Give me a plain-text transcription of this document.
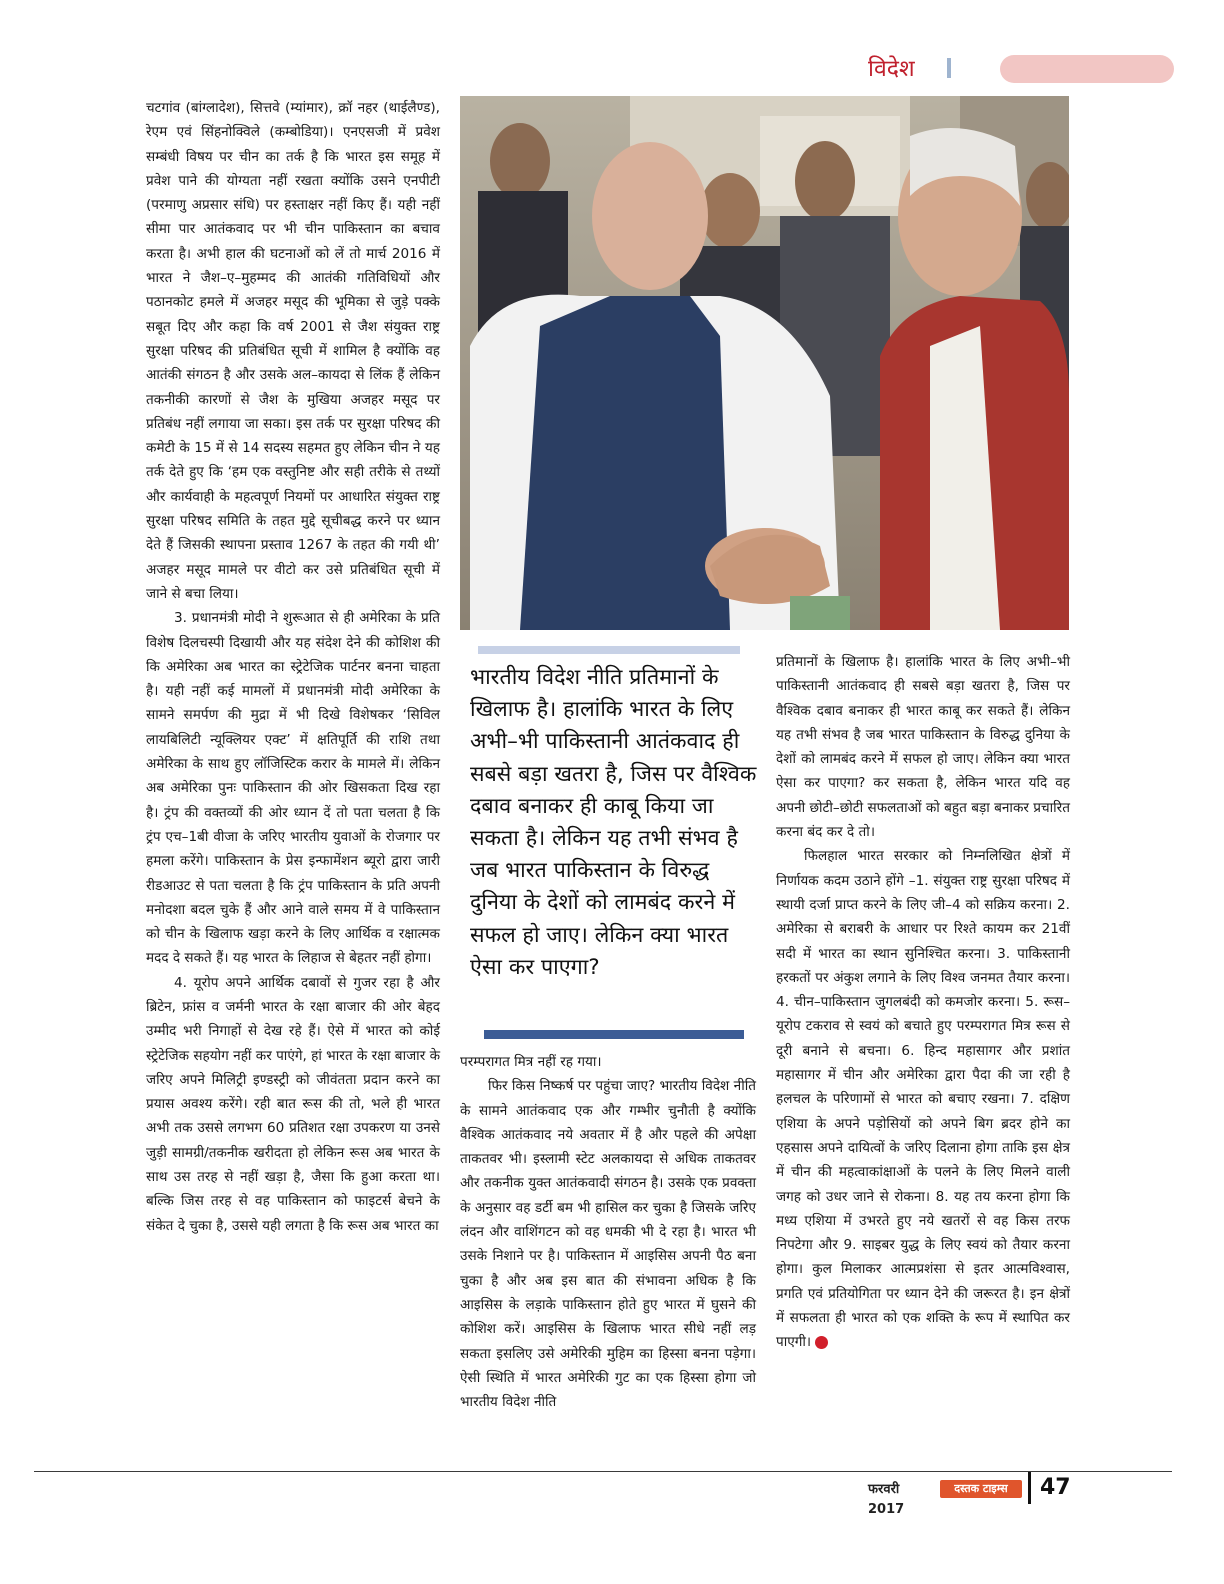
विदेश

चटगांव (बांग्लादेश), सित्तवे (म्यांमार), क्रॉ नहर (थाईलैण्ड), रेएम एवं सिंहनोक्विले (कम्बोडिया)। एनएसजी में प्रवेश सम्बंधी विषय पर चीन का तर्क है कि भारत इस समूह में प्रवेश पाने की योग्यता नहीं रखता क्योंकि उसने एनपीटी (परमाणु अप्रसार संधि) पर हस्ताक्षर नहीं किए हैं। यही नहीं सीमा पार आतंकवाद पर भी चीन पाकिस्तान का बचाव करता है। अभी हाल की घटनाओं को लें तो मार्च 2016 में भारत ने जैश–ए–मुहम्मद की आतंकी गतिविधियों और पठानकोट हमले में अजहर मसूद की भूमिका से जुड़े पक्के सबूत दिए और कहा कि वर्ष 2001 से जैश संयुक्त राष्ट्र सुरक्षा परिषद की प्रतिबंधित सूची में शामिल है क्योंकि वह आतंकी संगठन है और उसके अल–कायदा से लिंक हैं लेकिन तकनीकी कारणों से जैश के मुखिया अजहर मसूद पर प्रतिबंध नहीं लगाया जा सका। इस तर्क पर सुरक्षा परिषद की कमेटी के 15 में से 14 सदस्य सहमत हुए लेकिन चीन ने यह तर्क देते हुए कि ‘हम एक वस्तुनिष्ट और सही तरीके से तथ्यों और कार्यवाही के महत्वपूर्ण नियमों पर आधारित संयुक्त राष्ट्र सुरक्षा परिषद समिति के तहत मुद्दे सूचीबद्ध करने पर ध्यान देते हैं जिसकी स्थापना प्रस्ताव 1267 के तहत की गयी थी’ अजहर मसूद मामले पर वीटो कर उसे प्रतिबंधित सूची में जाने से बचा लिया।

3. प्रधानमंत्री मोदी ने शुरूआत से ही अमेरिका के प्रति विशेष दिलचस्पी दिखायी और यह संदेश देने की कोशिश की कि अमेरिका अब भारत का स्ट्रेटेजिक पार्टनर बनना चाहता है। यही नहीं कई मामलों में प्रधानमंत्री मोदी अमेरिका के सामने समर्पण की मुद्रा में भी दिखे विशेषकर ‘सिविल लायबिलिटी न्यूक्लियर एक्ट’ में क्षतिपूर्ति की राशि तथा अमेरिका के साथ हुए लॉजिस्टिक करार के मामले में। लेकिन अब अमेरिका पुनः पाकिस्तान की ओर खिसकता दिख रहा है। ट्रंप की वक्तव्यों की ओर ध्यान दें तो पता चलता है कि ट्रंप एच–1बी वीजा के जरिए भारतीय युवाओं के रोजगार पर हमला करेंगे। पाकिस्तान के प्रेस इन्फामेंशन ब्यूरो द्वारा जारी रीडआउट से पता चलता है कि ट्रंप पाकिस्तान के प्रति अपनी मनोदशा बदल चुके हैं और आने वाले समय में वे पाकिस्तान को चीन के खिलाफ खड़ा करने के लिए आर्थिक व रक्षात्मक मदद दे सकते हैं। यह भारत के लिहाज से बेहतर नहीं होगा।

4. यूरोप अपने आर्थिक दबावों से गुजर रहा है और ब्रिटेन, फ्रांस व जर्मनी भारत के रक्षा बाजार की ओर बेहद उम्मीद भरी निगाहों से देख रहे हैं। ऐसे में भारत को कोई स्ट्रेटेजिक सहयोग नहीं कर पाएंगे, हां भारत के रक्षा बाजार के जरिए अपने मिलिट्री इण्डस्ट्री को जीवंतता प्रदान करने का प्रयास अवश्य करेंगे। रही बात रूस की तो, भले ही भारत अभी तक उससे लगभग 60 प्रतिशत रक्षा उपकरण या उनसे जुड़ी सामग्री/तकनीक खरीदता हो लेकिन रूस अब भारत के साथ उस तरह से नहीं खड़ा है, जैसा कि हुआ करता था। बल्कि जिस तरह से वह पाकिस्तान को फाइटर्स बेचने के संकेत दे चुका है, उससे यही लगता है कि रूस अब भारत का

भारतीय विदेश नीति प्रतिमानों के खिलाफ है। हालांकि भारत के लिए अभी–भी पाकिस्तानी आतंकवाद ही सबसे बड़ा खतरा है, जिस पर वैश्विक दबाव बनाकर ही काबू किया जा सकता है। लेकिन यह तभी संभव है जब भारत पाकिस्तान के विरुद्ध दुनिया के देशों को लामबंद करने में सफल हो जाए। लेकिन क्या भारत ऐसा कर पाएगा?

परम्परागत मित्र नहीं रह गया।

फिर किस निष्कर्ष पर पहुंचा जाए? भारतीय विदेश नीति के सामने आतंकवाद एक और गम्भीर चुनौती है क्योंकि वैश्विक आतंकवाद नये अवतार में है और पहले की अपेक्षा ताकतवर भी। इस्लामी स्टेट अलकायदा से अधिक ताकतवर और तकनीक युक्त आतंकवादी संगठन है। उसके एक प्रवक्ता के अनुसार वह डर्टी बम भी हासिल कर चुका है जिसके जरिए लंदन और वाशिंगटन को वह धमकी भी दे रहा है। भारत भी उसके निशाने पर है। पाकिस्तान में आइसिस अपनी पैठ बना चुका है और अब इस बात की संभावना अधिक है कि आइसिस के लड़ाके पाकिस्तान होते हुए भारत में घुसने की कोशिश करें। आइसिस के खिलाफ भारत सीधे नहीं लड़ सकता इसलिए उसे अमेरिकी मुहिम का हिस्सा बनना पड़ेगा। ऐसी स्थिति में भारत अमेरिकी गुट का एक हिस्सा होगा जो भारतीय विदेश नीति

प्रतिमानों के खिलाफ है। हालांकि भारत के लिए अभी–भी पाकिस्तानी आतंकवाद ही सबसे बड़ा खतरा है, जिस पर वैश्विक दबाव बनाकर ही भारत काबू कर सकते हैं। लेकिन यह तभी संभव है जब भारत पाकिस्तान के विरुद्ध दुनिया के देशों को लामबंद करने में सफल हो जाए। लेकिन क्या भारत ऐसा कर पाएगा? कर सकता है, लेकिन भारत यदि वह अपनी छोटी–छोटी सफलताओं को बहुत बड़ा बनाकर प्रचारित करना बंद कर दे तो।

फिलहाल भारत सरकार को निम्नलिखित क्षेत्रों में निर्णायक कदम उठाने होंगे –1. संयुक्त राष्ट्र सुरक्षा परिषद में स्थायी दर्जा प्राप्त करने के लिए जी–4 को सक्रिय करना। 2. अमेरिका से बराबरी के आधार पर रिश्ते कायम कर 21वीं सदी में भारत का स्थान सुनिश्चित करना। 3. पाकिस्तानी हरकतों पर अंकुश लगाने के लिए विश्व जनमत तैयार करना। 4. चीन–पाकिस्तान जुगलबंदी को कमजोर करना। 5. रूस–यूरोप टकराव से स्वयं को बचाते हुए परम्परागत मित्र रूस से दूरी बनाने से बचना। 6. हिन्द महासागर और प्रशांत महासागर में चीन और अमेरिका द्वारा पैदा की जा रही है हलचल के परिणामों से भारत को बचाए रखना। 7. दक्षिण एशिया के अपने पड़ोसियों को अपने बिग ब्रदर होने का एहसास अपने दायित्वों के जरिए दिलाना होगा ताकि इस क्षेत्र में चीन की महत्वाकांक्षाओं के पलने के लिए मिलने वाली जगह को उधर जाने से रोकना। 8. यह तय करना होगा कि मध्य एशिया में उभरते हुए नये खतरों से वह किस तरफ निपटेगा और 9. साइबर युद्ध के लिए स्वयं को तैयार करना होगा। कुल मिलाकर आत्मप्रशंसा से इतर आत्मविश्वास, प्रगति एवं प्रतियोगिता पर ध्यान देने की जरूरत है। इन क्षेत्रों में सफलता ही भारत को एक शक्ति के रूप में स्थापित कर पाएगी।

फरवरी 2017
दस्तक टाइम्स	47
